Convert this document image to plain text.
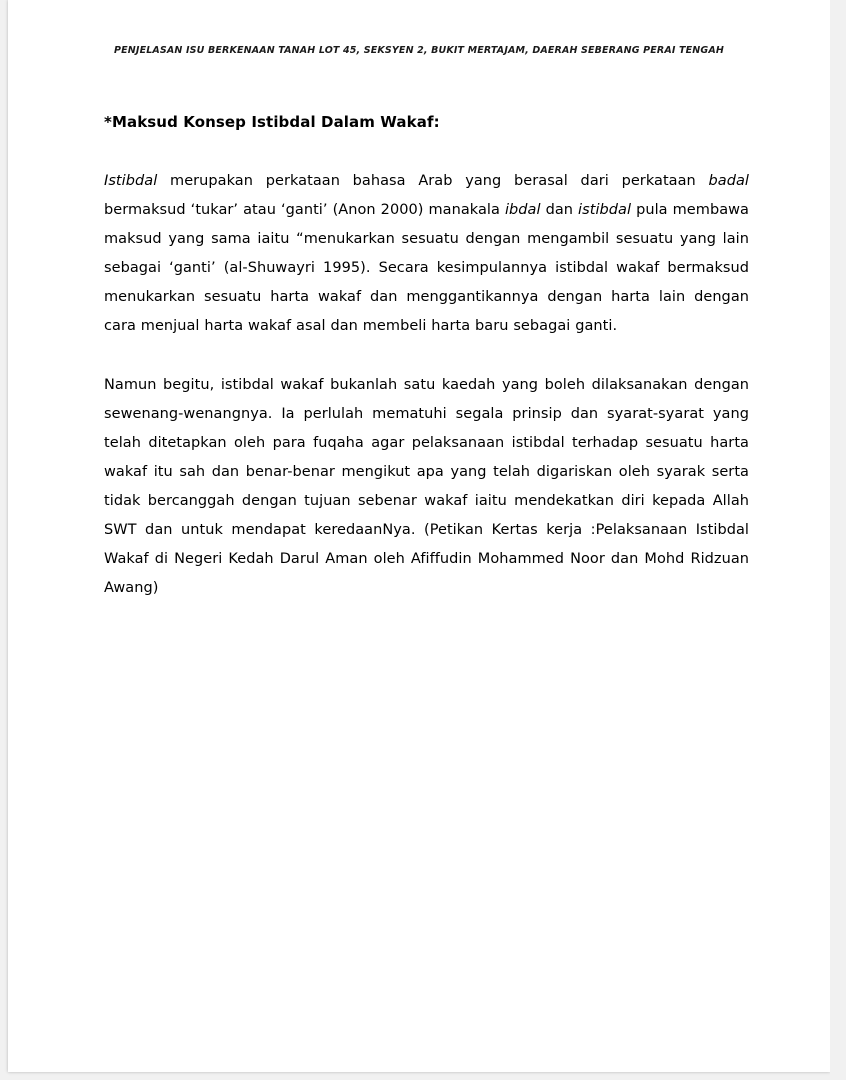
PENJELASAN ISU BERKENAAN TANAH LOT 45, SEKSYEN 2, BUKIT MERTAJAM, DAERAH SEBERANG PERAI TENGAH
*Maksud Konsep Istibdal Dalam Wakaf:

Istibdal merupakan perkataan bahasa Arab yang berasal dari perkataan badal bermaksud ‘tukar’ atau ‘ganti’ (Anon 2000) manakala ibdal dan istibdal pula membawa maksud yang sama iaitu “menukarkan sesuatu dengan mengambil sesuatu yang lain sebagai ‘ganti’ (al-Shuwayri 1995). Secara kesimpulannya istibdal wakaf bermaksud menukarkan sesuatu harta wakaf dan menggantikannya dengan harta lain dengan cara menjual harta wakaf asal dan membeli harta baru sebagai ganti.

Namun begitu, istibdal wakaf bukanlah satu kaedah yang boleh dilaksanakan dengan sewenang-wenangnya. Ia perlulah mematuhi segala prinsip dan syarat-syarat yang telah ditetapkan oleh para fuqaha agar pelaksanaan istibdal terhadap sesuatu harta wakaf itu sah dan benar-benar mengikut apa yang telah digariskan oleh syarak serta tidak bercanggah dengan tujuan sebenar wakaf iaitu mendekatkan diri kepada Allah SWT dan untuk mendapat keredaanNya. (Petikan Kertas kerja :Pelaksanaan Istibdal Wakaf di Negeri Kedah Darul Aman oleh Afiffudin Mohammed Noor dan Mohd Ridzuan Awang)
